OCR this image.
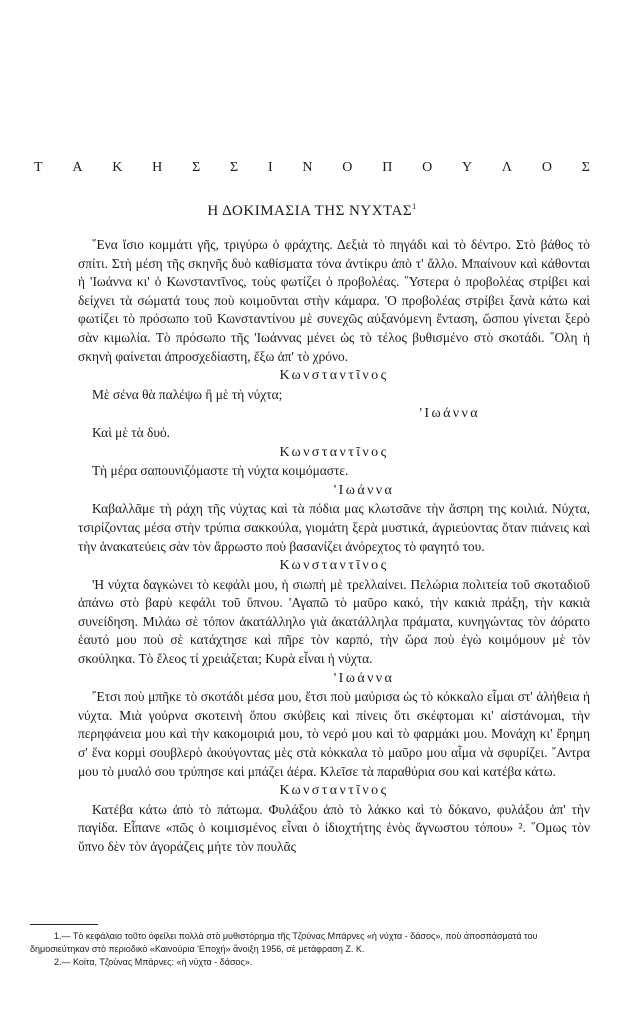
Τ Α Κ Η Σ Σ Ι Ν Ο Π Ο Υ Λ Ο Σ
Η ΔΟΚΙΜΑΣΙΑ ΤΗΣ ΝΥΧΤΑΣ$^1$

῞Ενα ἴσιο κομμάτι γῆς, τριγύρω ὁ φράχτης. Δεξιὰ τὸ πηγάδι καὶ τὸ δέντρο. Στὸ βάθος τὸ σπίτι. Στὴ μέση τῆς σκηνῆς δυὸ καθίσματα τόνα ἀντίκρυ ἀπὸ τ' ἄλλο. Μπαίνουν καὶ κάθονται ἡ 'Ιωάννα κι' ὁ Κωνσταντῖνος, τοὺς φωτίζει ὁ προβολέας. ῞Υστερα ὁ προβολέας στρίβει καὶ δείχνει τὰ σώματά τους ποὺ κοιμοῦνται στὴν κάμαρα. 'Ο προβολέας στρίβει ξανὰ κάτω καὶ φωτίζει τὸ πρόσωπο τοῦ Κωνσταντίνου μὲ συνεχῶς αὐξανόμενη ἔνταση, ὥσπου γίνεται ξερὸ σὰν κιμωλία. Τὸ πρόσωπο τῆς 'Ιωάννας μένει ὡς τὸ τέλος βυθισμένο στὸ σκοτάδι. ῞Ολη ἡ σκηνὴ φαίνεται ἀπροσχεδίαστη, ἔξω ἀπ' τὸ χρόνο.

Κωνσταντῖνος

Μὲ σένα θὰ παλέψω ἢ μὲ τὴ νύχτα;

'Ιωάννα

Καὶ μὲ τὰ δυό.

Κωνσταντῖνος

Τὴ μέρα σαπουνιζόμαστε τὴ νύχτα κοιμόμαστε.

'Ιωάννα

Καβαλλᾶμε τὴ ράχη τῆς νύχτας καὶ τὰ πόδια μας κλωτσᾶνε τὴν ἄσπρη της κοιλιά. Νύχτα, τσιρίζοντας μέσα στὴν τρύπια σακκούλα, γιομάτη ξερὰ μυστικά, ἀγριεύοντας ὅταν πιάνεις καὶ τὴν ἀνακατεύεις σὰν τὸν ἄρρωστο ποὺ βασανίζει ἀνόρεχτος τὸ φαγητό του.

Κωνσταντῖνος

'Η νύχτα δαγκώνει τὸ κεφάλι μου, ἡ σιωπὴ μὲ τρελλαίνει. Πελώρια πολιτεία τοῦ σκοταδιοῦ ἀπάνω στὸ βαρὺ κεφάλι τοῦ ὕπνου. 'Αγαπῶ τὸ μαῦρο κακό, τὴν κακιὰ πράξη, τὴν κακιὰ συνείδηση. Μιλάω σὲ τόπον ἀκατάλληλο γιὰ ἀκατάλληλα πράματα, κυνηγώντας τὸν ἀόρατο ἑαυτό μου ποὺ σὲ κατάχτησε καὶ πῆρε τὸν καρπό, τὴν ὥρα ποὺ ἐγὼ κοιμόμουν μὲ τὸν σκούληκα. Τὸ ἔλεος τί χρειάζεται; Κυρὰ εἶναι ἡ νύχτα.

'Ιωάννα

῎Ετσι ποὺ μπῆκε τὸ σκοτάδι μέσα μου, ἔτσι ποὺ μαύρισα ὡς τὸ κόκκαλο εἶμαι στ' ἀλήθεια ἡ νύχτα. Μιὰ γούρνα σκοτεινὴ ὅπου σκύβεις καὶ πίνεις ὅτι σκέφτομαι κι' αἰστάνομαι, τὴν περηφάνεια μου καὶ τὴν κακομοιριά μου, τὸ νερό μου καὶ τὸ φαρμάκι μου. Μονάχη κι' ἔρημη σ' ἕνα κορμὶ σουβλερὸ ἀκούγοντας μὲς στὰ κόκκαλα τὸ μαῦρο μου αἷμα νὰ σφυρίζει. ῎Αντρα μου τὸ μυαλό σου τρύπησε καὶ μπάζει ἀέρα. Κλεῖσε τὰ παραθύρια σου καὶ κατέβα κάτω.

Κωνσταντῖνος

Κατέβα κάτω ἀπὸ τὸ πάτωμα. Φυλάξου ἀπὸ τὸ λάκκο καὶ τὸ δόκανο, φυλάξου ἀπ' τὴν παγίδα. Εἶπανε «πῶς ὁ κοιμισμένος εἶναι ὁ ἰδιοχτήτης ἑνὸς ἄγνωστου τόπου» ². ῞Ομως τὸν ὕπνο δὲν τὸν ἀγοράζεις μήτε τὸν πουλᾶς

1.— Τὸ κεφάλαιο τοῦτο ὀφείλει πολλὰ στὸ μυθιστόρημα τῆς Τζούνας Μπάρνες «ἡ νύχτα - δάσος», ποὺ ἀποσπάσματά του δημοσιεύτηκαν στὸ περιοδικὸ «Καινούρια 'Εποχή» ἄνοιξη 1956, σὲ μετάφραση Ζ. Κ.

2.— Κοίτα, Τζούνας Μπάρνες: «ἡ νύχτα - δάσος».
